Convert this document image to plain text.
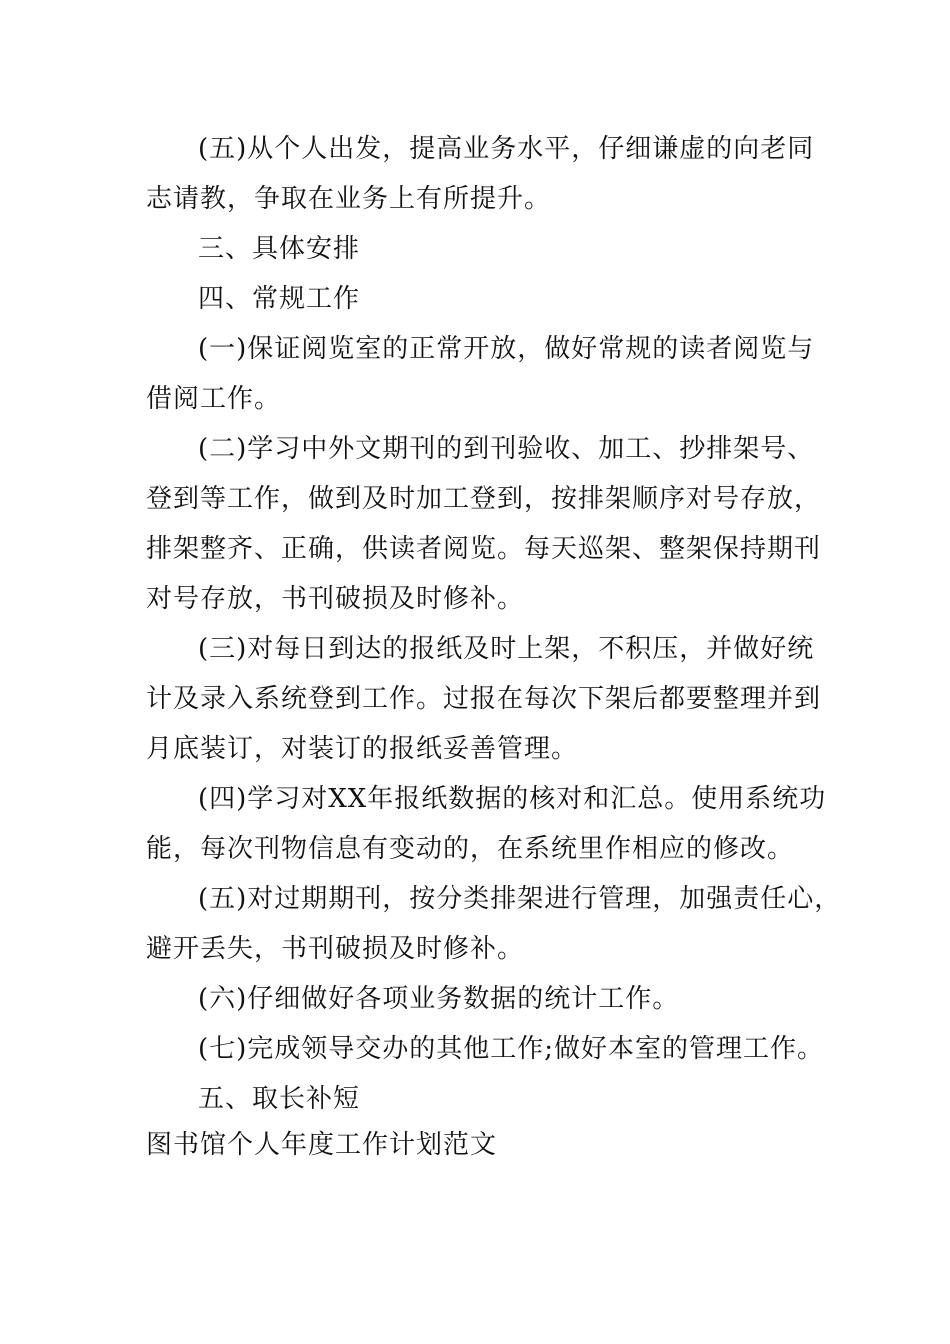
(五)从个人出发，提高业务水平，仔细谦虚的向老同
志请教，争取在业务上有所提升。
三、具体安排
四、常规工作
(一)保证阅览室的正常开放，做好常规的读者阅览与
借阅工作。
(二)学习中外文期刊的到刊验收、加工、抄排架号、
登到等工作，做到及时加工登到，按排架顺序对号存放，
排架整齐、正确，供读者阅览。每天巡架、整架保持期刊
对号存放，书刊破损及时修补。
(三)对每日到达的报纸及时上架，不积压，并做好统
计及录入系统登到工作。过报在每次下架后都要整理并到
月底装订，对装订的报纸妥善管理。
(四)学习对XX年报纸数据的核对和汇总。使用系统功
能，每次刊物信息有变动的，在系统里作相应的修改。
(五)对过期期刊，按分类排架进行管理，加强责任心，
避开丢失，书刊破损及时修补。
(六)仔细做好各项业务数据的统计工作。
(七)完成领导交办的其他工作;做好本室的管理工作。
五、取长补短
图书馆个人年度工作计划范文
